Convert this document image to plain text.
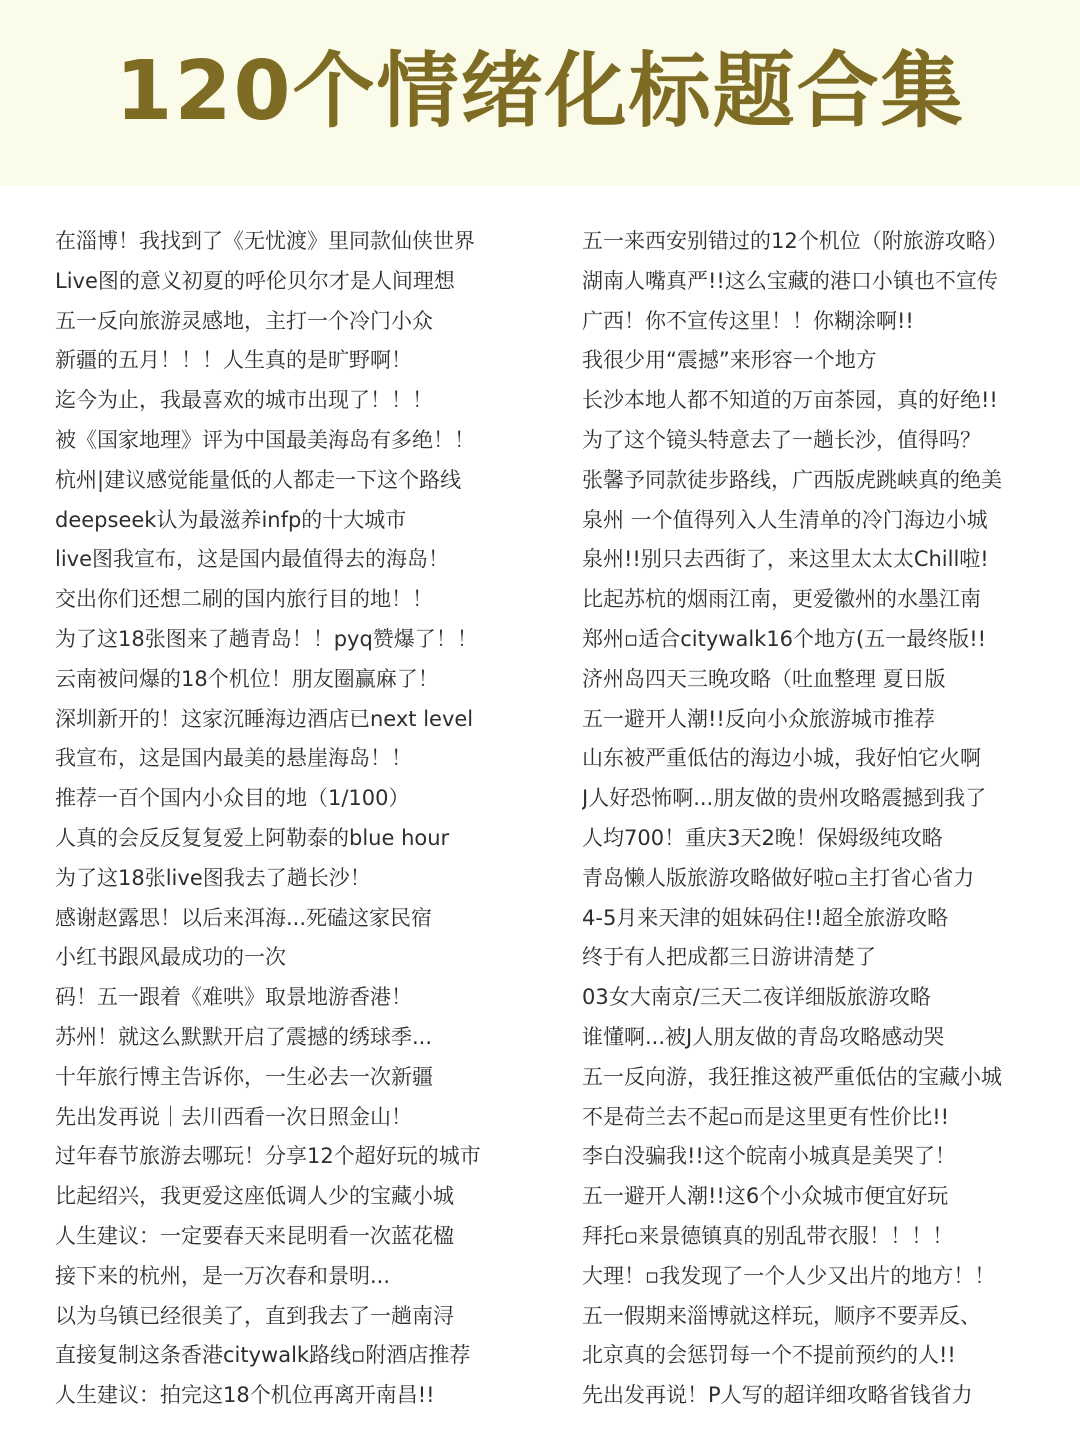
120个情绪化标题合集
在淄博！我找到了《无忧渡》里同款仙侠世界
Live图的意义初夏的呼伦贝尔才是人间理想
五一反向旅游灵感地，主打一个冷门小众
新疆的五月！！！人生真的是旷野啊！
迄今为止，我最喜欢的城市出现了！！！
被《国家地理》评为中国最美海岛有多绝！！
杭州|建议感觉能量低的人都走一下这个路线
deepseek认为最滋养infp的十大城市
live图我宣布，这是国内最值得去的海岛！
交出你们还想二刷的国内旅行目的地！！
为了这18张图来了趟青岛！！pyq赞爆了！！
云南被问爆的18个机位！朋友圈赢麻了！
深圳新开的！这家沉睡海边酒店已next level
我宣布，这是国内最美的悬崖海岛！！
推荐一百个国内小众目的地（1/100）
人真的会反反复复爱上阿勒泰的blue hour
为了这18张live图我去了趟长沙！
感谢赵露思！以后来洱海...死磕这家民宿
小红书跟风最成功的一次
码！五一跟着《难哄》取景地游香港！
苏州！就这么默默开启了震撼的绣球季...
十年旅行博主告诉你，一生必去一次新疆
先出发再说｜去川西看一次日照金山！
过年春节旅游去哪玩！分享12个超好玩的城市
比起绍兴，我更爱这座低调人少的宝藏小城
人生建议：一定要春天来昆明看一次蓝花楹
接下来的杭州，是一万次春和景明...
以为乌镇已经很美了，直到我去了一趟南浔
直接复制这条香港citywalk路线▫附酒店推荐
人生建议：拍完这18个机位再离开南昌!!
五一来西安别错过的12个机位（附旅游攻略）
湖南人嘴真严!!这么宝藏的港口小镇也不宣传
广西！你不宣传这里！！你糊涂啊!!
我很少用“震撼”来形容一个地方
长沙本地人都不知道的万亩茶园，真的好绝!!
为了这个镜头特意去了一趟长沙，值得吗？
张馨予同款徒步路线，广西版虎跳峡真的绝美
泉州 一个值得列入人生清单的冷门海边小城
泉州!!别只去西街了，来这里太太太Chill啦!
比起苏杭的烟雨江南，更爱徽州的水墨江南
郑州▫适合citywalk16个地方(五一最终版!!
济州岛四天三晚攻略（吐血整理 夏日版
五一避开人潮!!反向小众旅游城市推荐
山东被严重低估的海边小城，我好怕它火啊
J人好恐怖啊...朋友做的贵州攻略震撼到我了
人均700！重庆3天2晚！保姆级纯攻略
青岛懒人版旅游攻略做好啦▫主打省心省力
4-5月来天津的姐妹码住!!超全旅游攻略
终于有人把成都三日游讲清楚了
03女大南京/三天二夜详细版旅游攻略
谁懂啊...被J人朋友做的青岛攻略感动哭
五一反向游，我狂推这被严重低估的宝藏小城
不是荷兰去不起▫而是这里更有性价比!!
李白没骗我!!这个皖南小城真是美哭了！
五一避开人潮!!这6个小众城市便宜好玩
拜托▫来景德镇真的别乱带衣服！！！！
大理！▫我发现了一个人少又出片的地方！！
五一假期来淄博就这样玩，顺序不要弄反、
北京真的会惩罚每一个不提前预约的人!!
先出发再说！P人写的超详细攻略省钱省力
